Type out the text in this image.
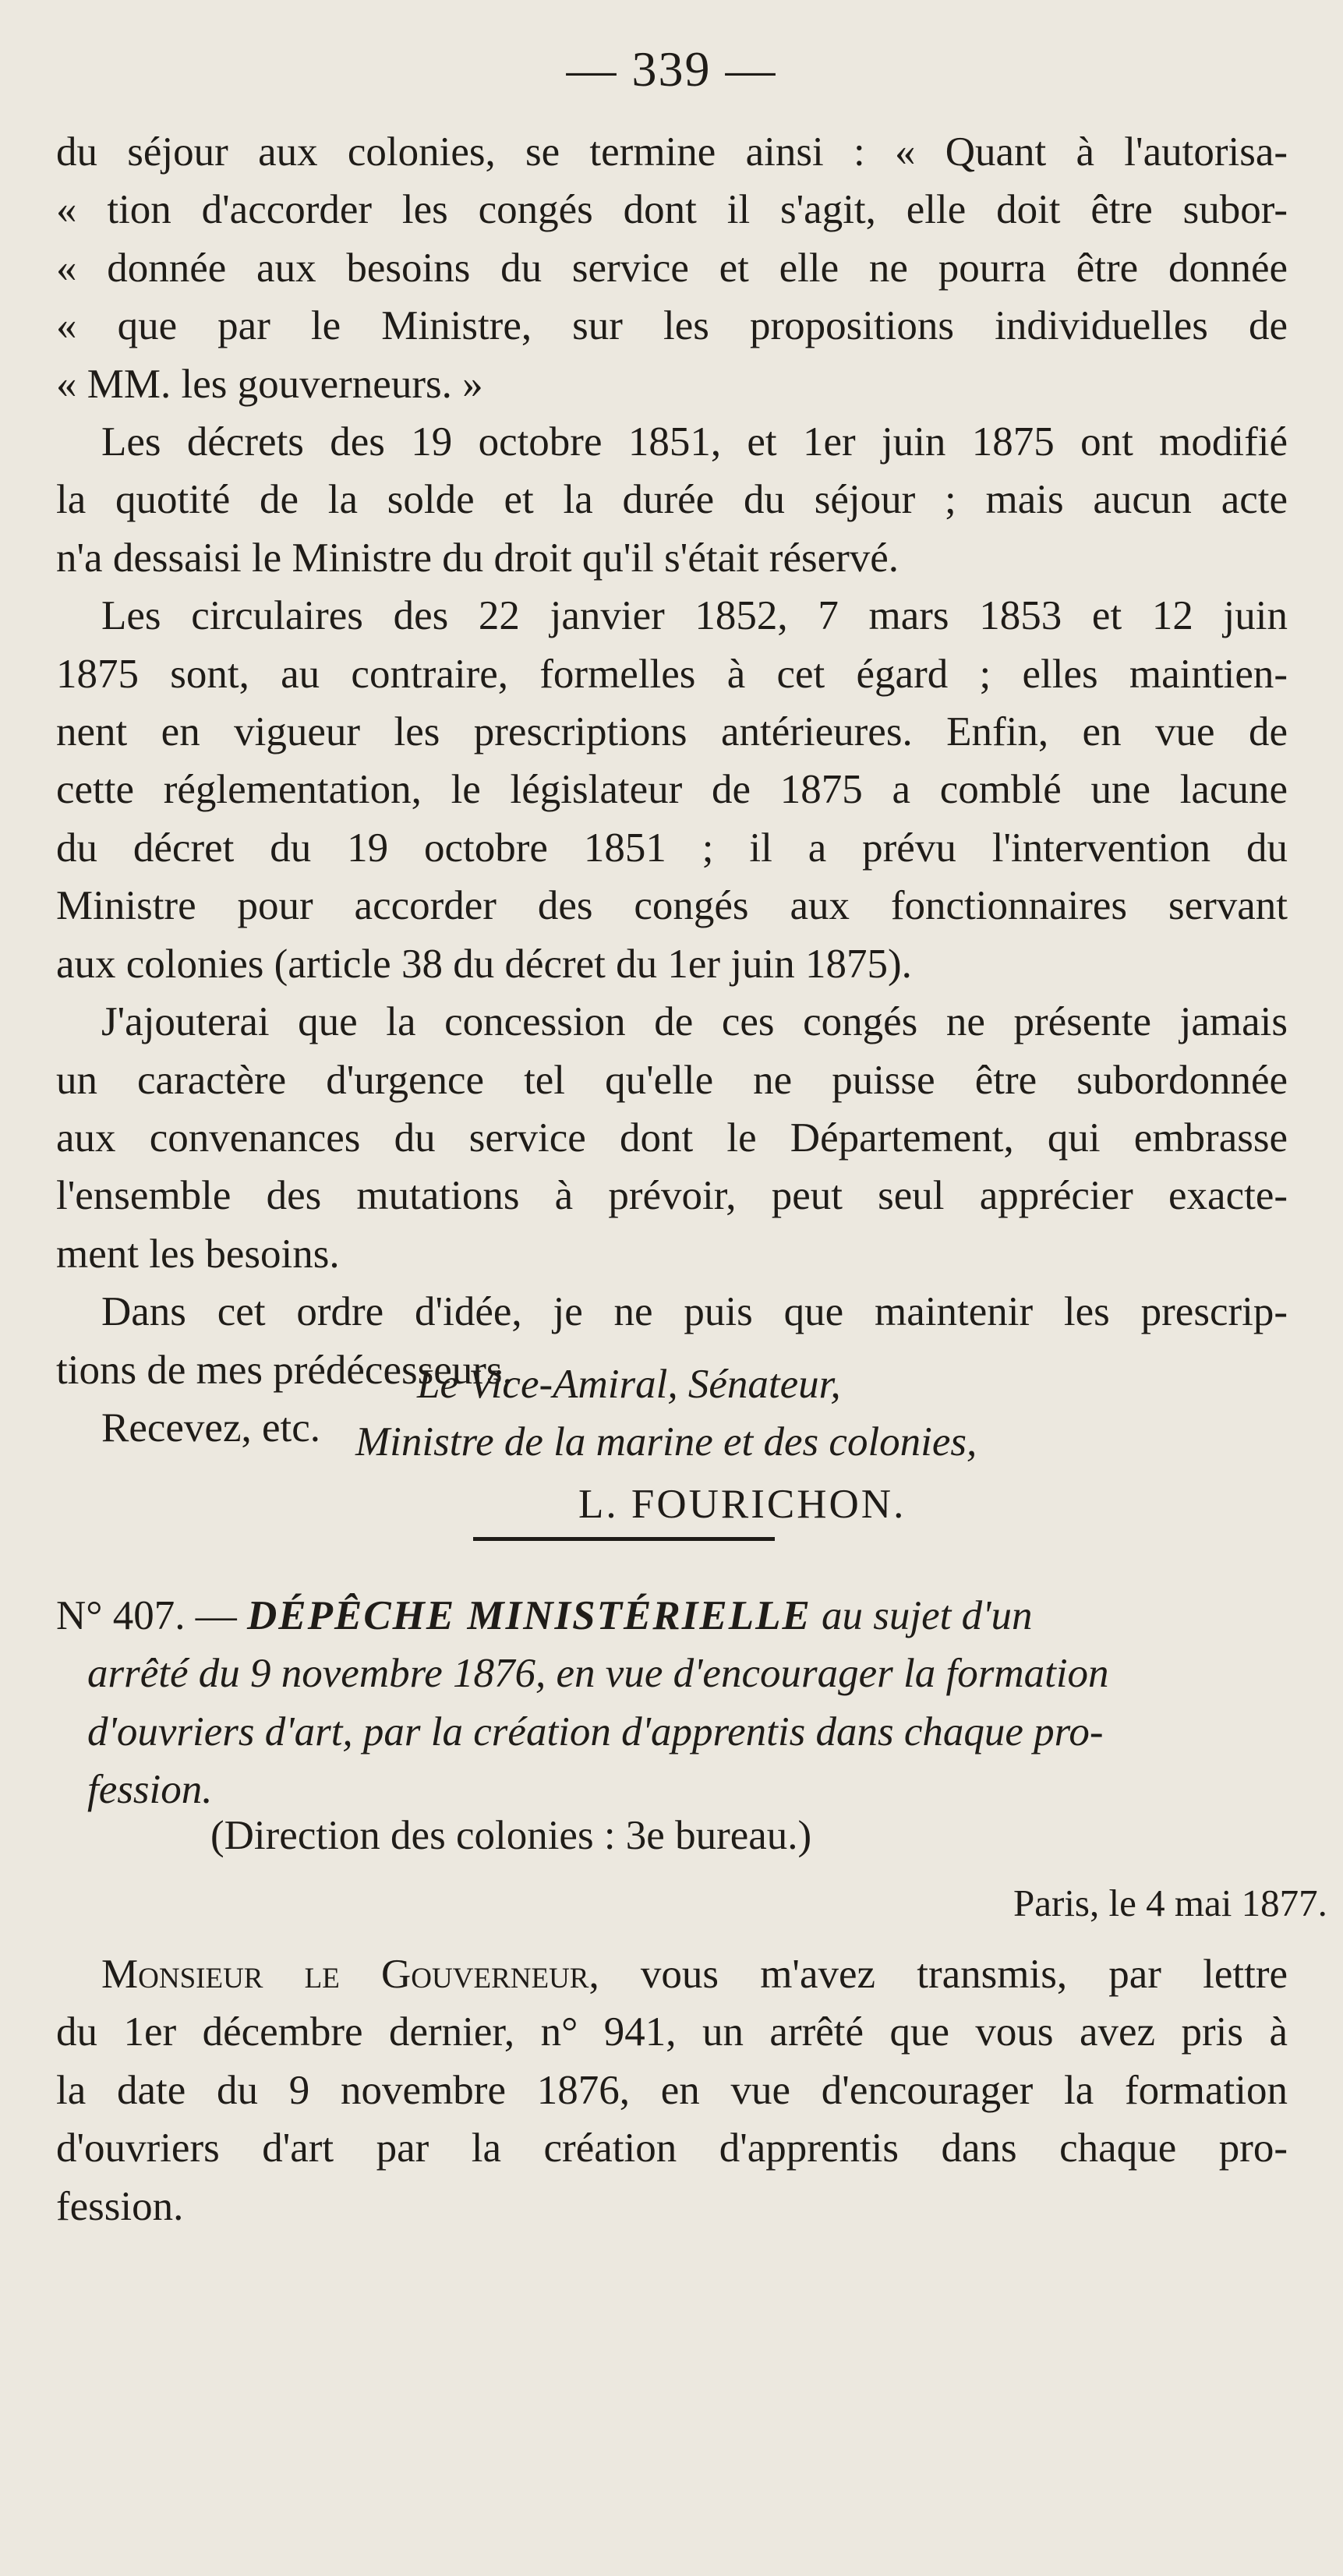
— 339 —
du séjour aux colonies, se termine ainsi : « Quant à l'autorisa-
« tion d'accorder les congés dont il s'agit, elle doit être subor-
« donnée aux besoins du service et elle ne pourra être donnée
« que par le Ministre, sur les propositions individuelles de
« MM. les gouverneurs. »
Les décrets des 19 octobre 1851, et 1er juin 1875 ont modifié
la quotité de la solde et la durée du séjour ; mais aucun acte
n'a dessaisi le Ministre du droit qu'il s'était réservé.
Les circulaires des 22 janvier 1852, 7 mars 1853 et 12 juin
1875 sont, au contraire, formelles à cet égard ; elles maintien-
nent en vigueur les prescriptions antérieures. Enfin, en vue de
cette réglementation, le législateur de 1875 a comblé une lacune
du décret du 19 octobre 1851 ; il a prévu l'intervention du
Ministre pour accorder des congés aux fonctionnaires servant
aux colonies (article 38 du décret du 1er juin 1875).
J'ajouterai que la concession de ces congés ne présente jamais
un caractère d'urgence tel qu'elle ne puisse être subordonnée
aux convenances du service dont le Département, qui embrasse
l'ensemble des mutations à prévoir, peut seul apprécier exacte-
ment les besoins.
Dans cet ordre d'idée, je ne puis que maintenir les prescrip-
tions de mes prédécesseurs.
Recevez, etc.
Le Vice-Amiral, Sénateur,
Ministre de la marine et des colonies,
L. FOURICHON.
N° 407. — DÉPÊCHE MINISTÉRIELLE au sujet d'un
arrêté du 9 novembre 1876, en vue d'encourager la formation
d'ouvriers d'art, par la création d'apprentis dans chaque pro-
fession.
(Direction des colonies : 3e bureau.)
Paris, le 4 mai 1877.
Monsieur le Gouverneur, vous m'avez transmis, par lettre
du 1er décembre dernier, n° 941, un arrêté que vous avez pris à
la date du 9 novembre 1876, en vue d'encourager la formation
d'ouvriers d'art par la création d'apprentis dans chaque pro-
fession.
